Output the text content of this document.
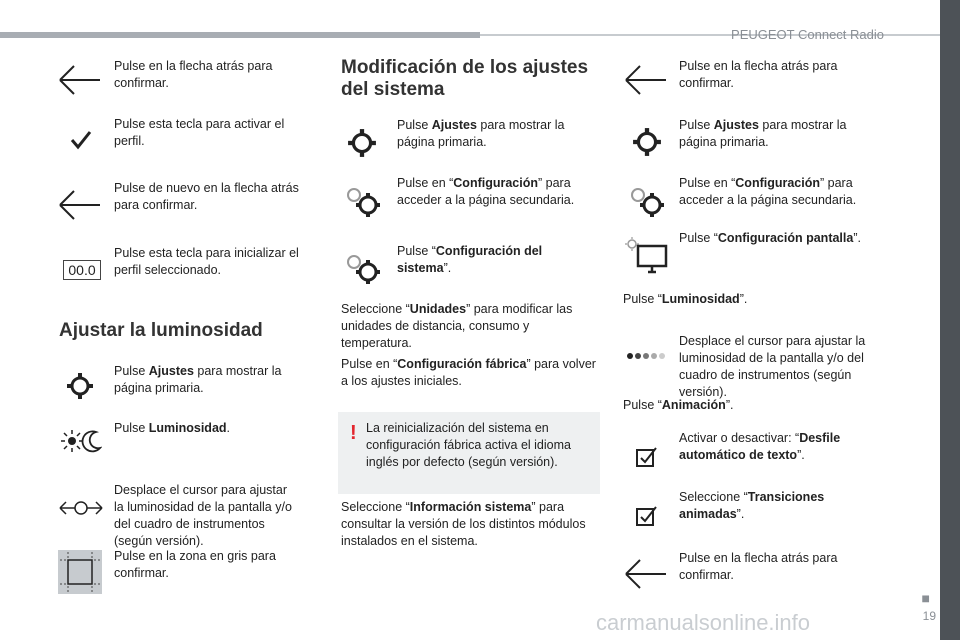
PEUGEOT Connect Radio
■
19
carmanualsonline.info
Pulse en la flecha atrás para confirmar.
Pulse esta tecla para activar el perfil.
Pulse de nuevo en la flecha atrás para confirmar.
00.0
Pulse esta tecla para inicializar el perfil seleccionado.
Ajustar la luminosidad
Pulse Ajustes para mostrar la página primaria.
Pulse Luminosidad.
Desplace el cursor para ajustar la luminosidad de la pantalla y/o del cuadro de instrumentos (según versión).
Pulse en la zona en gris para confirmar.
Modificación de los ajustes del sistema
Pulse Ajustes para mostrar la página primaria.
Pulse en “Configuración” para acceder a la página secundaria.
Pulse “Configuración del sistema”.
Seleccione “Unidades” para modificar las unidades de distancia, consumo y temperatura.
Pulse en “Configuración fábrica” para volver a los ajustes iniciales.
! La reinicialización del sistema en configuración fábrica activa el idioma inglés por defecto (según versión).
Seleccione “Información sistema” para consultar la versión de los distintos módulos instalados en el sistema.
Pulse en la flecha atrás para confirmar.
Pulse Ajustes para mostrar la página primaria.
Pulse en “Configuración” para acceder a la página secundaria.
Pulse “Configuración pantalla”.
Pulse “Luminosidad”.
Desplace el cursor para ajustar la luminosidad de la pantalla y/o del cuadro de instrumentos (según versión).
Pulse “Animación”.
Activar o desactivar: “Desfile automático de texto”.
Seleccione “Transiciones animadas”.
Pulse en la flecha atrás para confirmar.
